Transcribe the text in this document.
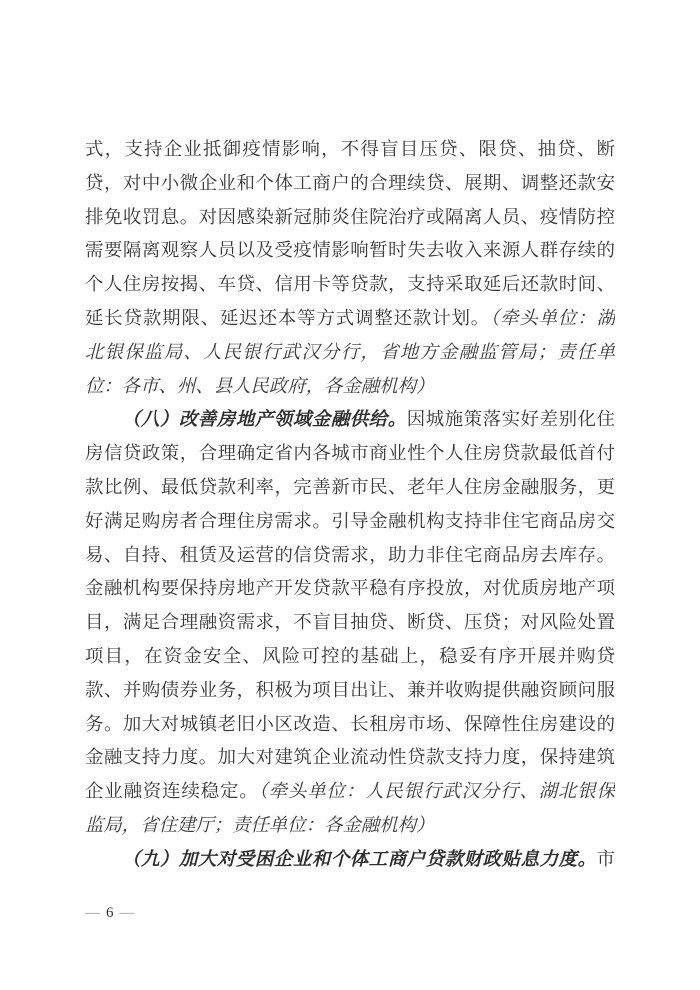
式，支持企业抵御疫情影响，不得盲目压贷、限贷、抽贷、断
贷，对中小微企业和个体工商户的合理续贷、展期、调整还款安
排免收罚息。对因感染新冠肺炎住院治疗或隔离人员、疫情防控
需要隔离观察人员以及受疫情影响暂时失去收入来源人群存续的
个人住房按揭、车贷、信用卡等贷款，支持采取延后还款时间、
延长贷款期限、延迟还本等方式调整还款计划。（牵头单位：湖
北银保监局、人民银行武汉分行，省地方金融监管局；责任单
位：各市、州、县人民政府，各金融机构）
（八）改善房地产领域金融供给。因城施策落实好差别化住
房信贷政策，合理确定省内各城市商业性个人住房贷款最低首付
款比例、最低贷款利率，完善新市民、老年人住房金融服务，更
好满足购房者合理住房需求。引导金融机构支持非住宅商品房交
易、自持、租赁及运营的信贷需求，助力非住宅商品房去库存。
金融机构要保持房地产开发贷款平稳有序投放，对优质房地产项
目，满足合理融资需求，不盲目抽贷、断贷、压贷；对风险处置
项目，在资金安全、风险可控的基础上，稳妥有序开展并购贷
款、并购债券业务，积极为项目出让、兼并收购提供融资顾问服
务。加大对城镇老旧小区改造、长租房市场、保障性住房建设的
金融支持力度。加大对建筑企业流动性贷款支持力度，保持建筑
企业融资连续稳定。（牵头单位：人民银行武汉分行、湖北银保
监局，省住建厅；责任单位：各金融机构）
（九）加大对受困企业和个体工商户贷款财政贴息力度。市
— 6 —
